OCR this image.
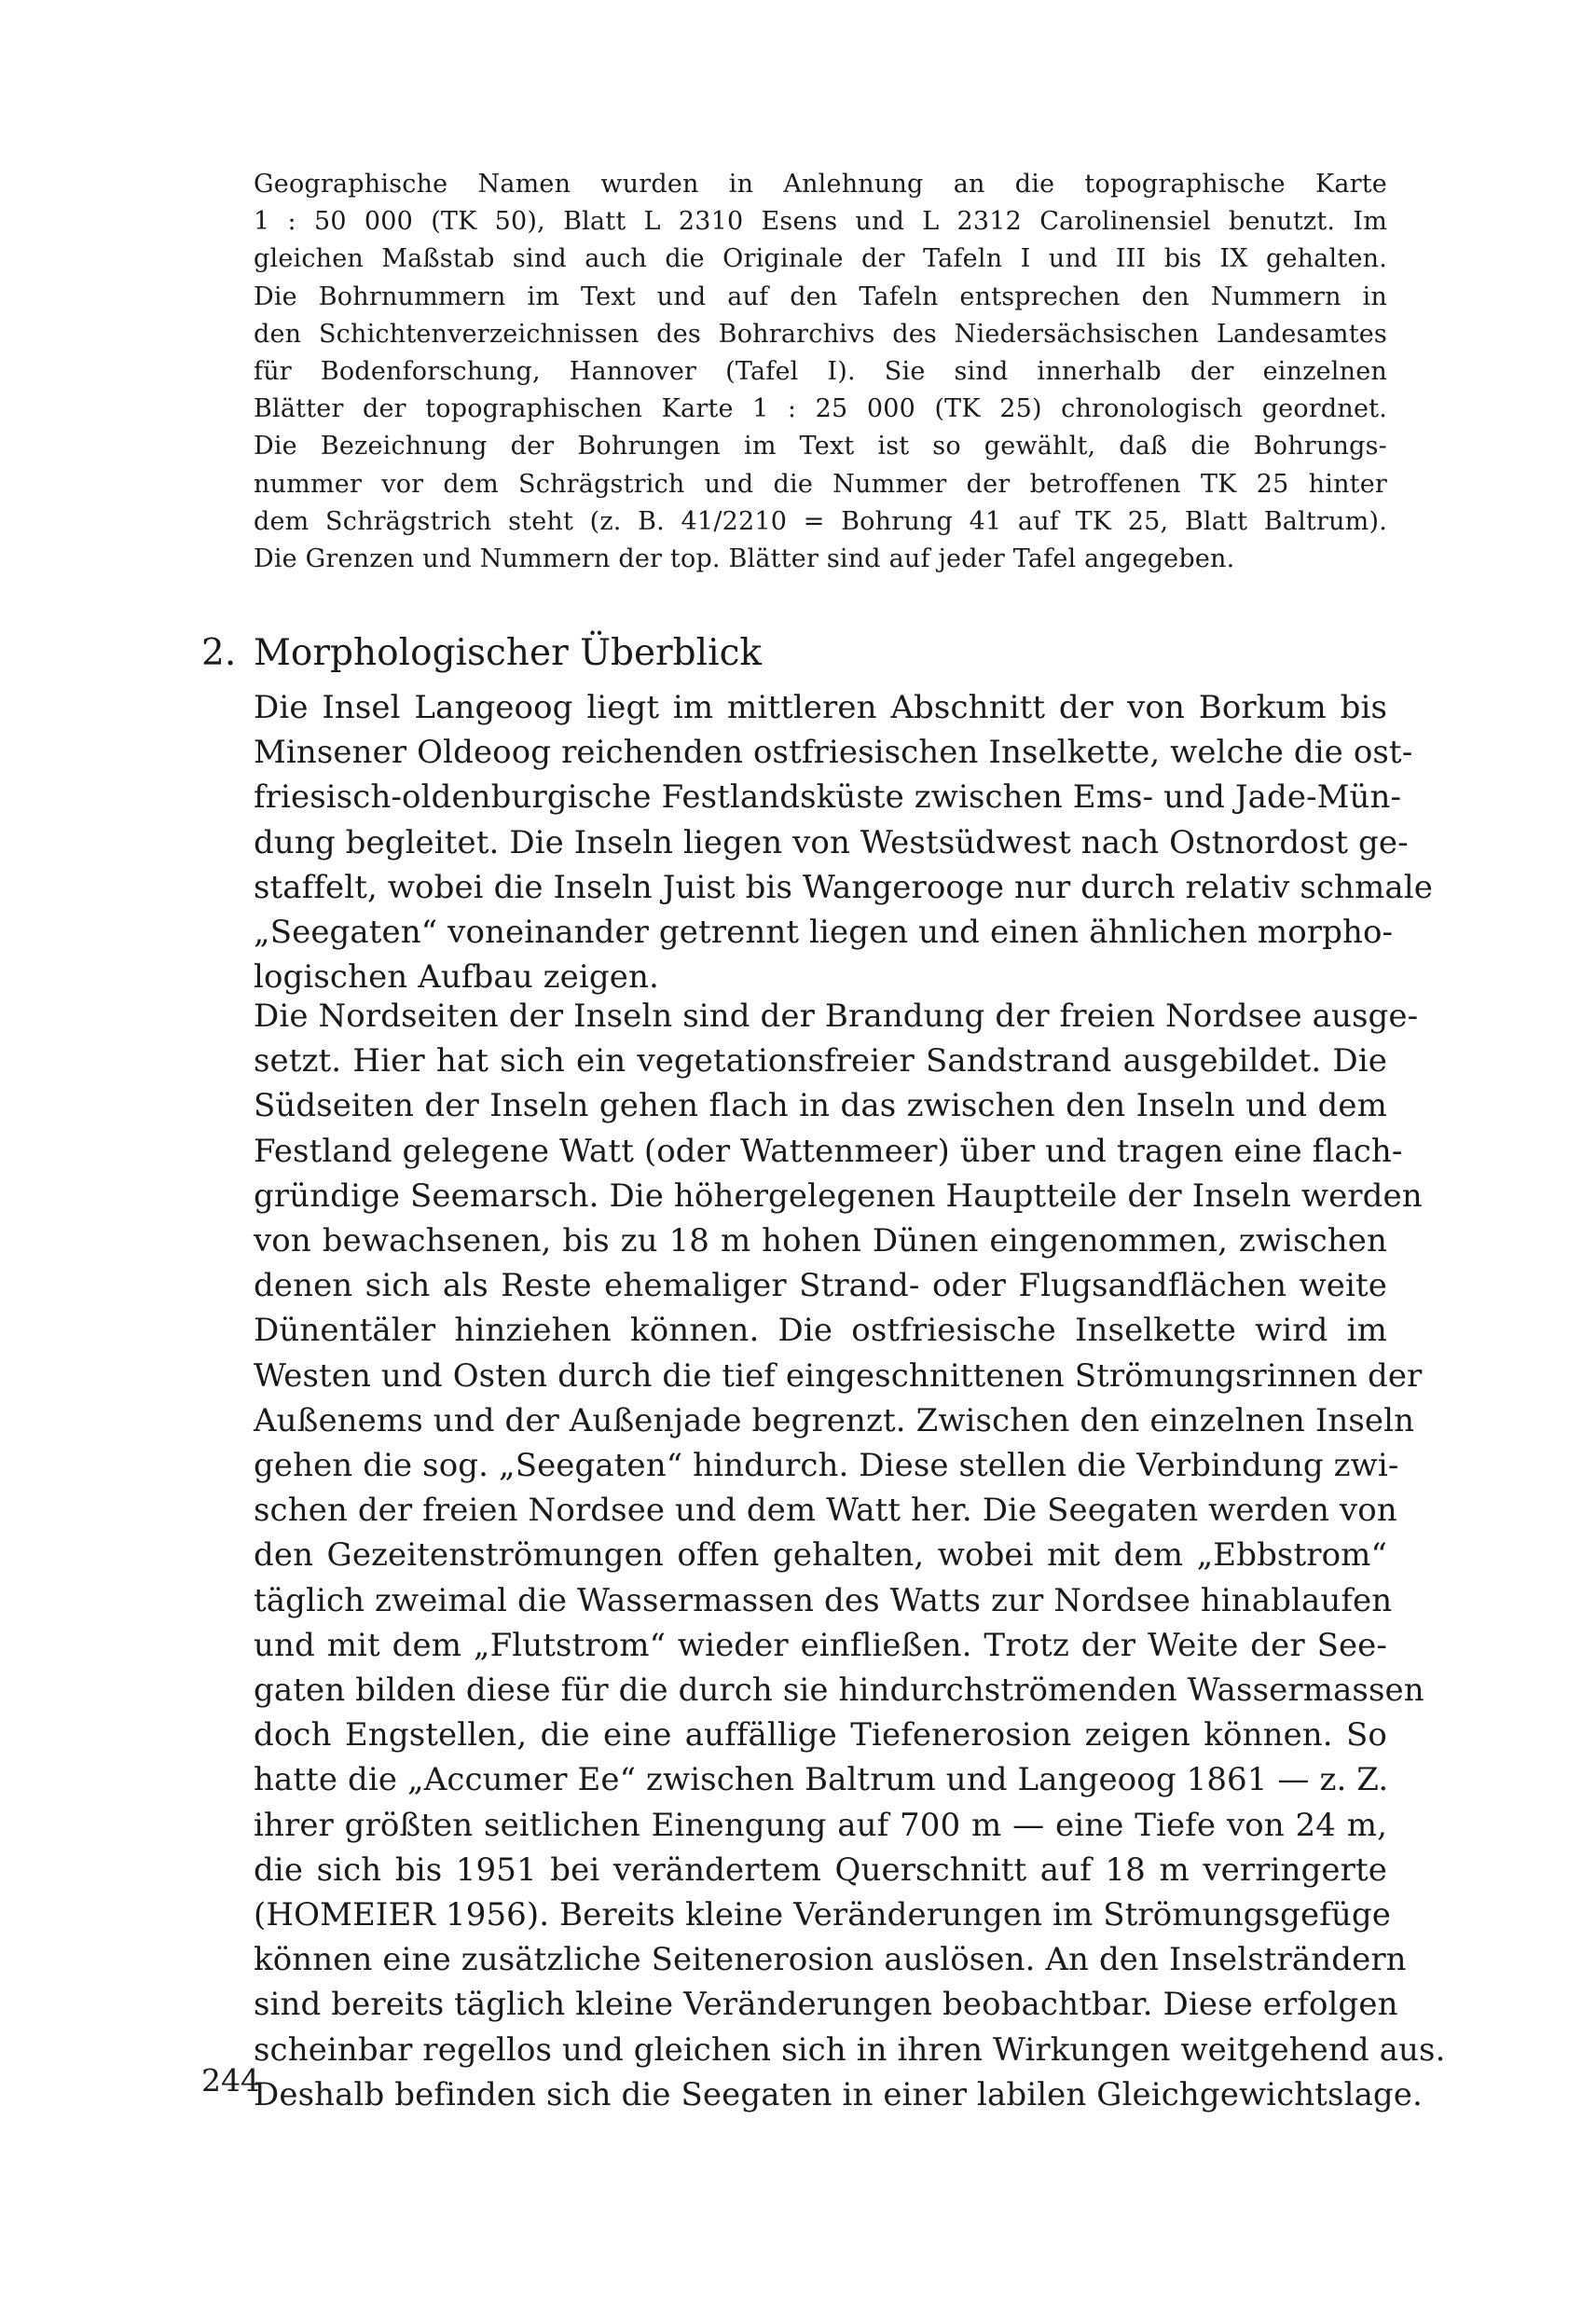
Geographische Namen wurden in Anlehnung an die topographische Karte
1 : 50 000 (TK 50), Blatt L 2310 Esens und L 2312 Carolinensiel benutzt. Im
gleichen Maßstab sind auch die Originale der Tafeln I und III bis IX gehalten.
Die Bohrnummern im Text und auf den Tafeln entsprechen den Nummern in
den Schichtenverzeichnissen des Bohrarchivs des Niedersächsischen Landesamtes
für Bodenforschung, Hannover (Tafel I). Sie sind innerhalb der einzelnen
Blätter der topographischen Karte 1 : 25 000 (TK 25) chronologisch geordnet.
Die Bezeichnung der Bohrungen im Text ist so gewählt, daß die Bohrungs-
nummer vor dem Schrägstrich und die Nummer der betroffenen TK 25 hinter
dem Schrägstrich steht (z. B. 41/2210 = Bohrung 41 auf TK 25, Blatt Baltrum).
Die Grenzen und Nummern der top. Blätter sind auf jeder Tafel angegeben.
2. Morphologischer Überblick
Die Insel Langeoog liegt im mittleren Abschnitt der von Borkum bis
Minsener Oldeoog reichenden ostfriesischen Inselkette, welche die ost-
friesisch-oldenburgische Festlandsküste zwischen Ems- und Jade-Mün-
dung begleitet. Die Inseln liegen von Westsüdwest nach Ostnordost ge-
staffelt, wobei die Inseln Juist bis Wangerooge nur durch relativ schmale
„Seegaten“ voneinander getrennt liegen und einen ähnlichen morpho-
logischen Aufbau zeigen.
Die Nordseiten der Inseln sind der Brandung der freien Nordsee ausge-
setzt. Hier hat sich ein vegetationsfreier Sandstrand ausgebildet. Die
Südseiten der Inseln gehen flach in das zwischen den Inseln und dem
Festland gelegene Watt (oder Wattenmeer) über und tragen eine flach-
gründige Seemarsch. Die höhergelegenen Hauptteile der Inseln werden
von bewachsenen, bis zu 18 m hohen Dünen eingenommen, zwischen
denen sich als Reste ehemaliger Strand- oder Flugsandflächen weite
Dünentäler hinziehen können. Die ostfriesische Inselkette wird im
Westen und Osten durch die tief eingeschnittenen Strömungsrinnen der
Außenems und der Außenjade begrenzt. Zwischen den einzelnen Inseln
gehen die sog. „Seegaten“ hindurch. Diese stellen die Verbindung zwi-
schen der freien Nordsee und dem Watt her. Die Seegaten werden von
den Gezeitenströmungen offen gehalten, wobei mit dem „Ebbstrom“
täglich zweimal die Wassermassen des Watts zur Nordsee hinablaufen
und mit dem „Flutstrom“ wieder einfließen. Trotz der Weite der See-
gaten bilden diese für die durch sie hindurchströmenden Wassermassen
doch Engstellen, die eine auffällige Tiefenerosion zeigen können. So
hatte die „Accumer Ee“ zwischen Baltrum und Langeoog 1861 — z. Z.
ihrer größten seitlichen Einengung auf 700 m — eine Tiefe von 24 m,
die sich bis 1951 bei verändertem Querschnitt auf 18 m verringerte
(HOMEIER 1956). Bereits kleine Veränderungen im Strömungsgefüge
können eine zusätzliche Seitenerosion auslösen. An den Inselsträndern
sind bereits täglich kleine Veränderungen beobachtbar. Diese erfolgen
scheinbar regellos und gleichen sich in ihren Wirkungen weitgehend aus.
Deshalb befinden sich die Seegaten in einer labilen Gleichgewichtslage.
244
